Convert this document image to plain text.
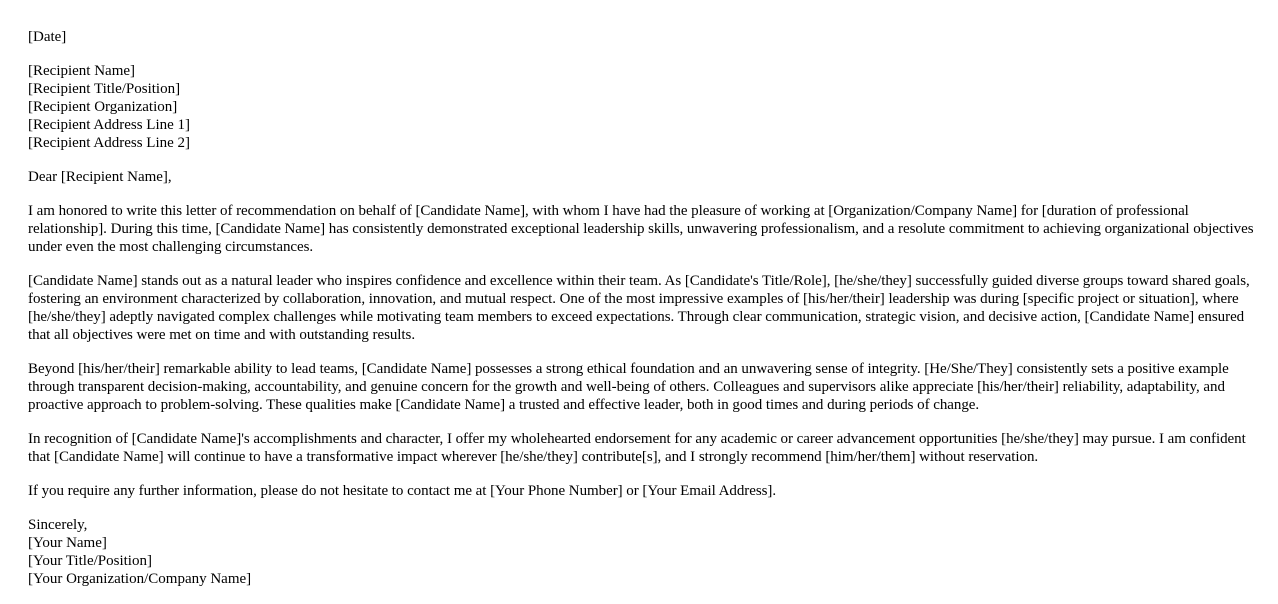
[Date]

[Recipient Name]
[Recipient Title/Position]
[Recipient Organization]
[Recipient Address Line 1]
[Recipient Address Line 2]

Dear [Recipient Name],

I am honored to write this letter of recommendation on behalf of [Candidate Name], with whom I have had the pleasure of working at [Organization/Company Name] for [duration of professional relationship]. During this time, [Candidate Name] has consistently demonstrated exceptional leadership skills, unwavering professionalism, and a resolute commitment to achieving organizational objectives under even the most challenging circumstances.

[Candidate Name] stands out as a natural leader who inspires confidence and excellence within their team. As [Candidate's Title/Role], [he/she/they] successfully guided diverse groups toward shared goals, fostering an environment characterized by collaboration, innovation, and mutual respect. One of the most impressive examples of [his/her/their] leadership was during [specific project or situation], where [he/she/they] adeptly navigated complex challenges while motivating team members to exceed expectations. Through clear communication, strategic vision, and decisive action, [Candidate Name] ensured that all objectives were met on time and with outstanding results.

Beyond [his/her/their] remarkable ability to lead teams, [Candidate Name] possesses a strong ethical foundation and an unwavering sense of integrity. [He/She/They] consistently sets a positive example through transparent decision-making, accountability, and genuine concern for the growth and well-being of others. Colleagues and supervisors alike appreciate [his/her/their] reliability, adaptability, and proactive approach to problem-solving. These qualities make [Candidate Name] a trusted and effective leader, both in good times and during periods of change.

In recognition of [Candidate Name]'s accomplishments and character, I offer my wholehearted endorsement for any academic or career advancement opportunities [he/she/they] may pursue. I am confident that [Candidate Name] will continue to have a transformative impact wherever [he/she/they] contribute[s], and I strongly recommend [him/her/them] without reservation.

If you require any further information, please do not hesitate to contact me at [Your Phone Number] or [Your Email Address].

Sincerely,
[Your Name]
[Your Title/Position]
[Your Organization/Company Name]
